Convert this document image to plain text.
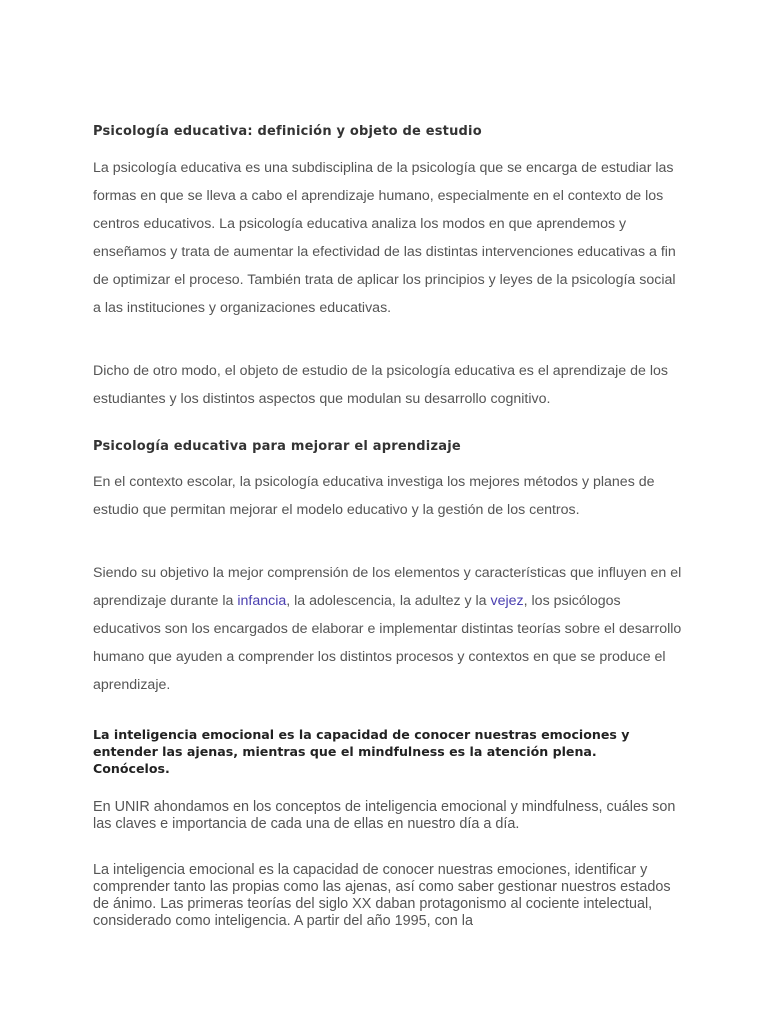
Psicología educativa: definición y objeto de estudio

La psicología educativa es una subdisciplina de la psicología que se encarga de estudiar las formas en que se lleva a cabo el aprendizaje humano, especialmente en el contexto de los centros educativos. La psicología educativa analiza los modos en que aprendemos y enseñamos y trata de aumentar la efectividad de las distintas intervenciones educativas a fin de optimizar el proceso. También trata de aplicar los principios y leyes de la psicología social a las instituciones y organizaciones educativas.

Dicho de otro modo, el objeto de estudio de la psicología educativa es el aprendizaje de los estudiantes y los distintos aspectos que modulan su desarrollo cognitivo.

Psicología educativa para mejorar el aprendizaje

En el contexto escolar, la psicología educativa investiga los mejores métodos y planes de estudio que permitan mejorar el modelo educativo y la gestión de los centros.

Siendo su objetivo la mejor comprensión de los elementos y características que influyen en el aprendizaje durante la infancia, la adolescencia, la adultez y la vejez, los psicólogos educativos son los encargados de elaborar e implementar distintas teorías sobre el desarrollo humano que ayuden a comprender los distintos procesos y contextos en que se produce el aprendizaje.

La inteligencia emocional es la capacidad de conocer nuestras emociones y entender las ajenas, mientras que el mindfulness es la atención plena. Conócelos.

En UNIR ahondamos en los conceptos de inteligencia emocional y mindfulness, cuáles son las claves e importancia de cada una de ellas en nuestro día a día.

La inteligencia emocional es la capacidad de conocer nuestras emociones, identificar y comprender tanto las propias como las ajenas, así como saber gestionar nuestros estados de ánimo. Las primeras teorías del siglo XX daban protagonismo al cociente intelectual, considerado como inteligencia. A partir del año 1995, con la
